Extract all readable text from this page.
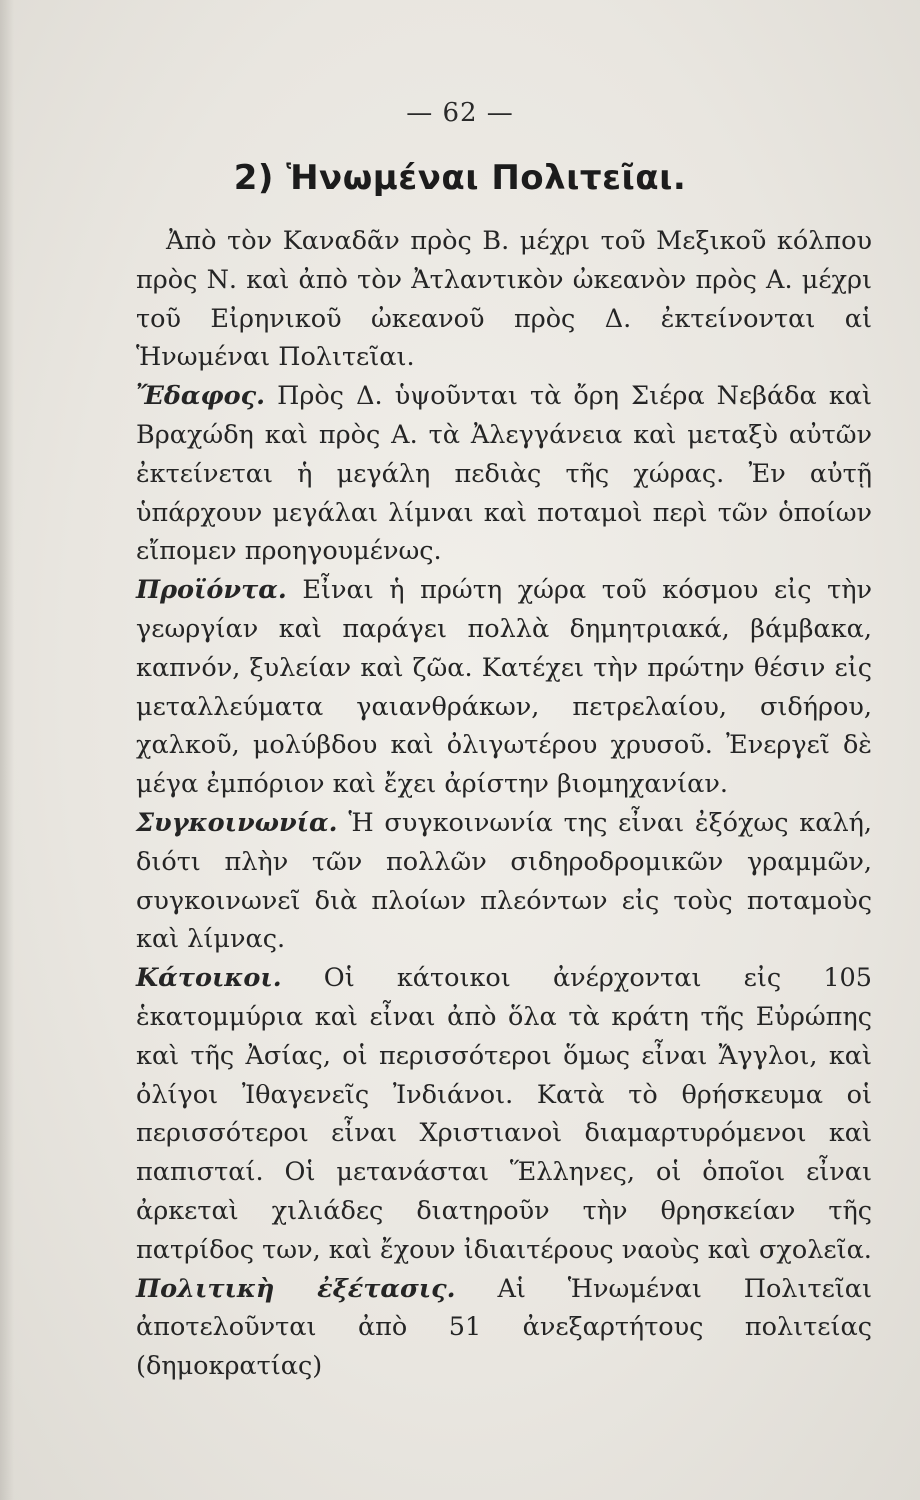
— 62 —
2) Ἡνωμέναι Πολιτεῖαι.

Ἀπὸ τὸν Καναδᾶν πρὸς Β. μέχρι τοῦ Μεξικοῦ κόλπου πρὸς Ν. καὶ ἀπὸ τὸν Ἀτλαντικὸν ὠκεανὸν πρὸς Α. μέχρι τοῦ Εἰρηνικοῦ ὠκεανοῦ πρὸς Δ. ἐκτείνονται αἱ Ἡνωμέναι Πολιτεῖαι.

Ἔδαφος. Πρὸς Δ. ὑψοῦνται τὰ ὄρη Σιέρα Νεβάδα καὶ Βραχώδη καὶ πρὸς Α. τὰ Ἀλεγγάνεια καὶ μεταξὺ αὐτῶν ἐκτείνεται ἡ μεγάλη πεδιὰς τῆς χώρας. Ἐν αὐτῇ ὑπάρχουν μεγάλαι λίμναι καὶ ποταμοὶ περὶ τῶν ὁποίων εἴπομεν προηγουμένως.

Προϊόντα. Εἶναι ἡ πρώτη χώρα τοῦ κόσμου εἰς τὴν γεωργίαν καὶ παράγει πολλὰ δημητριακά, βάμβακα, καπνόν, ξυλείαν καὶ ζῶα. Κατέχει τὴν πρώτην θέσιν εἰς μεταλλεύματα γαιανθράκων, πετρελαίου, σιδήρου, χαλκοῦ, μολύβδου καὶ ὀλιγωτέρου χρυσοῦ. Ἐνεργεῖ δὲ μέγα ἐμπόριον καὶ ἔχει ἀρίστην βιομηχανίαν.

Συγκοινωνία. Ἡ συγκοινωνία της εἶναι ἐξόχως καλή, διότι πλὴν τῶν πολλῶν σιδηροδρομικῶν γραμμῶν, συγκοινωνεῖ διὰ πλοίων πλεόντων εἰς τοὺς ποταμοὺς καὶ λίμνας.

Κάτοικοι. Οἱ κάτοικοι ἀνέρχονται εἰς 105 ἑκατομμύρια καὶ εἶναι ἀπὸ ὅλα τὰ κράτη τῆς Εὐρώπης καὶ τῆς Ἀσίας, οἱ περισσότεροι ὅμως εἶναι Ἄγγλοι, καὶ ὀλίγοι Ἰθαγενεῖς Ἰνδιάνοι. Κατὰ τὸ θρήσκευμα οἱ περισσότεροι εἶναι Χριστιανοὶ διαμαρτυρόμενοι καὶ παπισταί. Οἱ μετανάσται Ἕλληνες, οἱ ὁποῖοι εἶναι ἀρκεταὶ χιλιάδες διατηροῦν τὴν θρησκείαν τῆς πατρίδος των, καὶ ἔχουν ἰδιαιτέρους ναοὺς καὶ σχολεῖα.

Πολιτικὴ ἐξέτασις. Αἱ Ἡνωμέναι Πολιτεῖαι ἀποτελοῦνται ἀπὸ 51 ἀνεξαρτήτους πολιτείας (δημοκρατίας)
